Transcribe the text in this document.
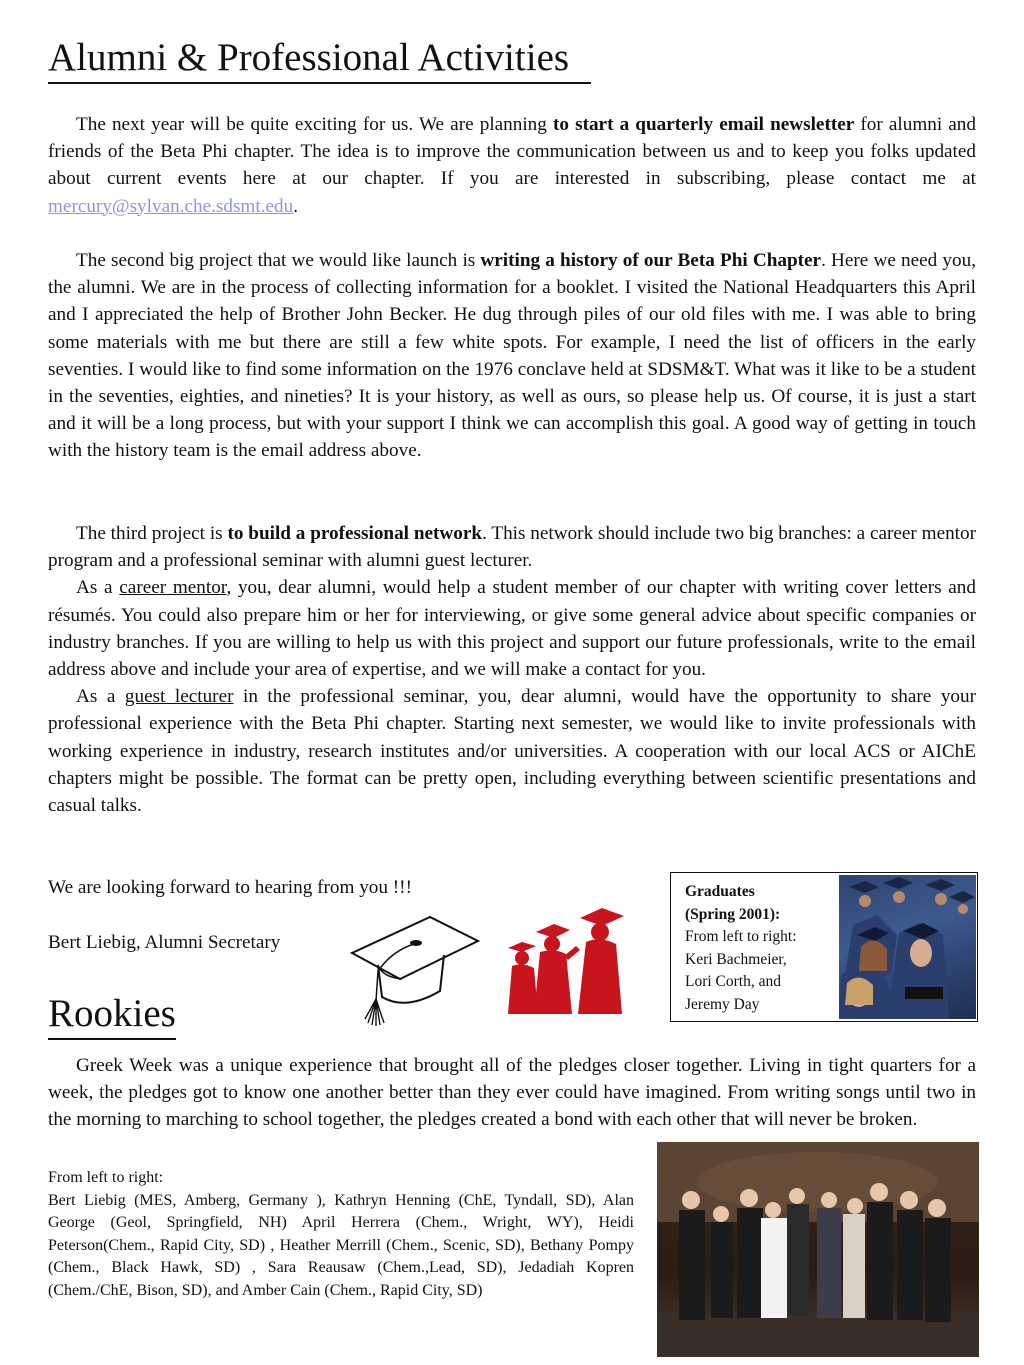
Alumni & Professional Activities

The next year will be quite exciting for us. We are planning to start a quarterly email newsletter for alumni and friends of the Beta Phi chapter. The idea is to improve the communication between us and to keep you folks updated about current events here at our chapter. If you are interested in subscribing, please contact me at mercury@sylvan.che.sdsmt.edu.

The second big project that we would like launch is writing a history of our Beta Phi Chapter. Here we need you, the alumni. We are in the process of collecting information for a booklet. I visited the National Headquarters this April and I appreciated the help of Brother John Becker. He dug through piles of our old files with me. I was able to bring some materials with me but there are still a few white spots. For example, I need the list of officers in the early seventies. I would like to find some information on the 1976 conclave held at SDSM&T. What was it like to be a student in the seventies, eighties, and nineties? It is your history, as well as ours, so please help us. Of course, it is just a start and it will be a long process, but with your support I think we can accomplish this goal. A good way of getting in touch with the history team is the email address above.

The third project is to build a professional network. This network should include two big branches: a career mentor program and a professional seminar with alumni guest lecturer.

As a career mentor, you, dear alumni, would help a student member of our chapter with writing cover letters and résumés. You could also prepare him or her for interviewing, or give some general advice about specific companies or industry branches. If you are willing to help us with this project and support our future professionals, write to the email address above and include your area of expertise, and we will make a contact for you.

As a guest lecturer in the professional seminar, you, dear alumni, would have the opportunity to share your professional experience with the Beta Phi chapter. Starting next semester, we would like to invite professionals with working experience in industry, research institutes and/or universities. A cooperation with our local ACS or AIChE chapters might be possible. The format can be pretty open, including everything between scientific presentations and casual talks.

We are looking forward to hearing from you !!!
Bert Liebig, Alumni Secretary
Graduates
(Spring 2001):
From left to right:
Keri Bachmeier,
Lori Corth, and
Jeremy Day
Rookies

Greek Week was a unique experience that brought all of the pledges closer together. Living in tight quarters for a week, the pledges got to know one another better than they ever could have imagined. From writing songs until two in the morning to marching to school together, the pledges created a bond with each other that will never be broken.

From left to right:
Bert Liebig (MES, Amberg, Germany ), Kathryn Henning (ChE, Tyndall, SD), Alan George (Geol, Springfield, NH) April Herrera (Chem., Wright, WY), Heidi Peterson(Chem., Rapid City, SD) , Heather Merrill (Chem., Scenic, SD), Bethany Pompy (Chem., Black Hawk, SD) , Sara Reausaw (Chem.,Lead, SD), Jedadiah Kopren (Chem./ChE, Bison, SD), and Amber Cain (Chem., Rapid City, SD)
